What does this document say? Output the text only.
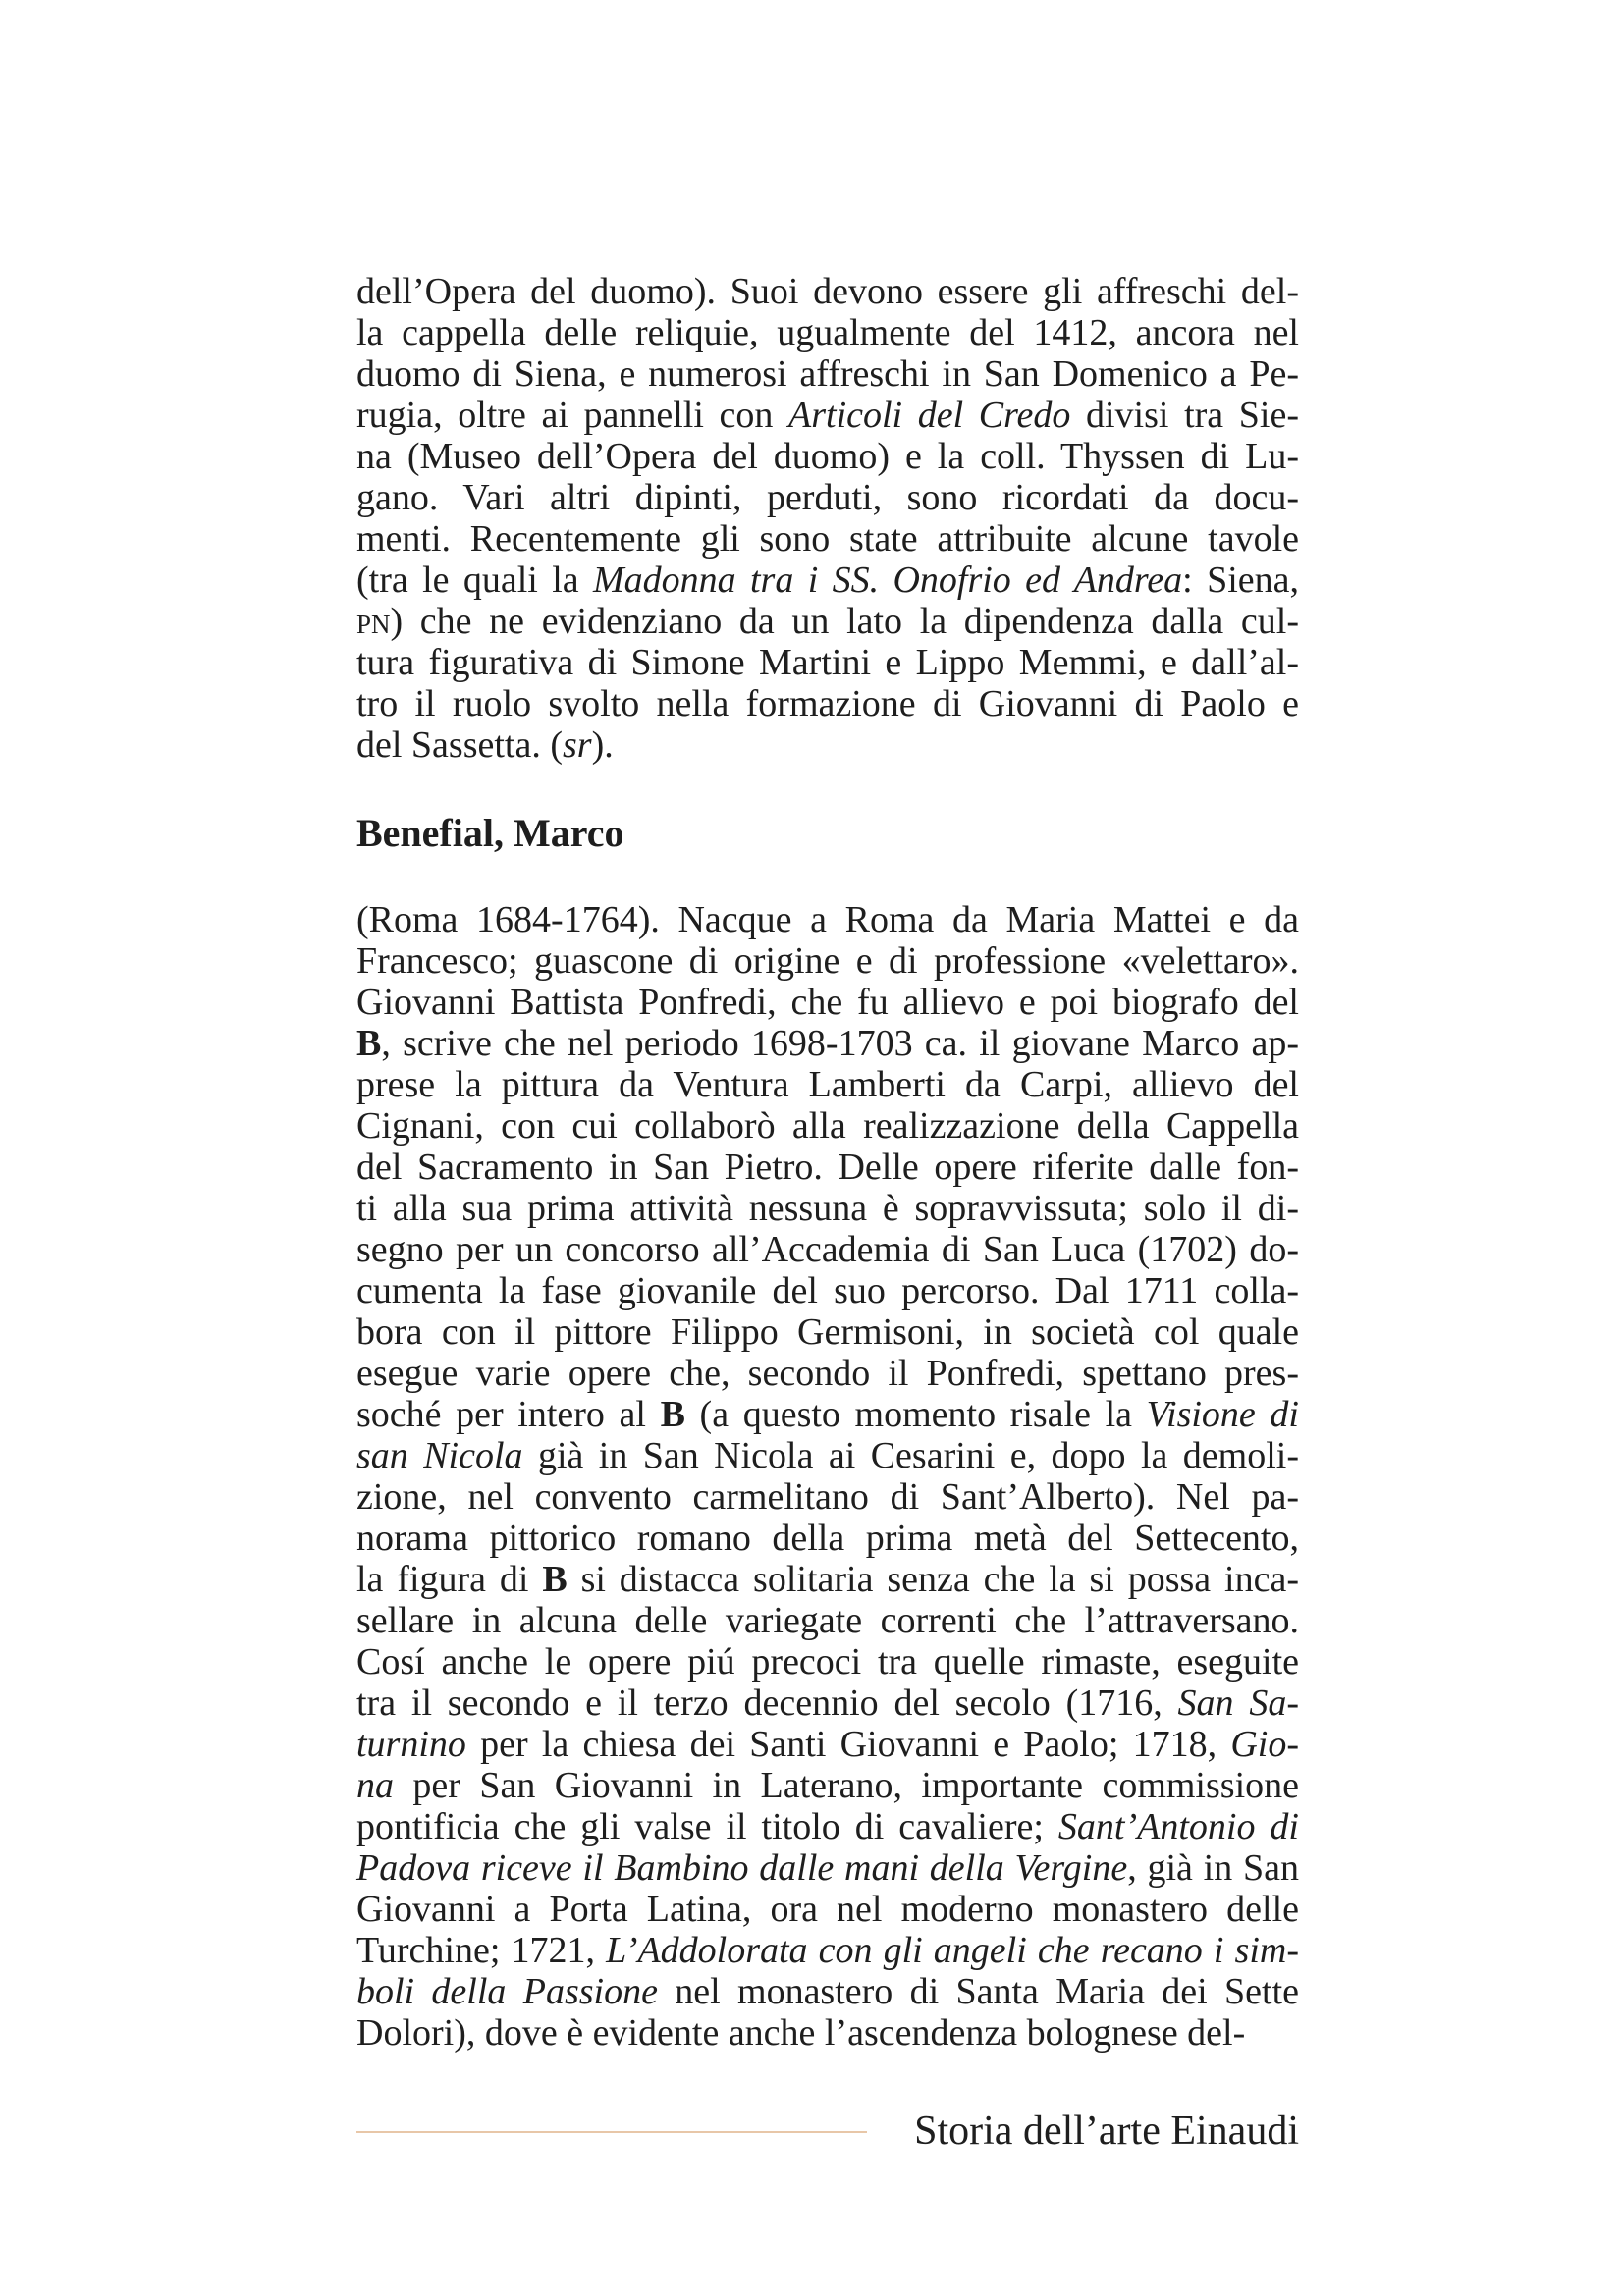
dell’Opera del duomo). Suoi devono essere gli affreschi del-
la cappella delle reliquie, ugualmente del 1412, ancora nel
duomo di Siena, e numerosi affreschi in San Domenico a Pe-
rugia, oltre ai pannelli con Articoli del Credo divisi tra Sie-
na (Museo dell’Opera del duomo) e la coll. Thyssen di Lu-
gano. Vari altri dipinti, perduti, sono ricordati da docu-
menti. Recentemente gli sono state attribuite alcune tavole
(tra le quali la Madonna tra i SS. Onofrio ed Andrea: Siena,
pn) che ne evidenziano da un lato la dipendenza dalla cul-
tura figurativa di Simone Martini e Lippo Memmi, e dall’al-
tro il ruolo svolto nella formazione di Giovanni di Paolo e
del Sassetta. (sr).
Benefial, Marco
(Roma 1684-1764). Nacque a Roma da Maria Mattei e da
Francesco; guascone di origine e di professione «velettaro».
Giovanni Battista Ponfredi, che fu allievo e poi biografo del
B, scrive che nel periodo 1698-1703 ca. il giovane Marco ap-
prese la pittura da Ventura Lamberti da Carpi, allievo del
Cignani, con cui collaborò alla realizzazione della Cappella
del Sacramento in San Pietro. Delle opere riferite dalle fon-
ti alla sua prima attività nessuna è sopravvissuta; solo il di-
segno per un concorso all’Accademia di San Luca (1702) do-
cumenta la fase giovanile del suo percorso. Dal 1711 colla-
bora con il pittore Filippo Germisoni, in società col quale
esegue varie opere che, secondo il Ponfredi, spettano pres-
soché per intero al B (a questo momento risale la Visione di
san Nicola già in San Nicola ai Cesarini e, dopo la demoli-
zione, nel convento carmelitano di Sant’Alberto). Nel pa-
norama pittorico romano della prima metà del Settecento,
la figura di B si distacca solitaria senza che la si possa inca-
sellare in alcuna delle variegate correnti che l’attraversano.
Cosí anche le opere piú precoci tra quelle rimaste, eseguite
tra il secondo e il terzo decennio del secolo (1716, San Sa-
turnino per la chiesa dei Santi Giovanni e Paolo; 1718, Gio-
na per San Giovanni in Laterano, importante commissione
pontificia che gli valse il titolo di cavaliere; Sant’Antonio di
Padova riceve il Bambino dalle mani della Vergine, già in San
Giovanni a Porta Latina, ora nel moderno monastero delle
Turchine; 1721, L’Addolorata con gli angeli che recano i sim-
boli della Passione nel monastero di Santa Maria dei Sette
Dolori), dove è evidente anche l’ascendenza bolognese del-
Storia dell’arte Einaudi
